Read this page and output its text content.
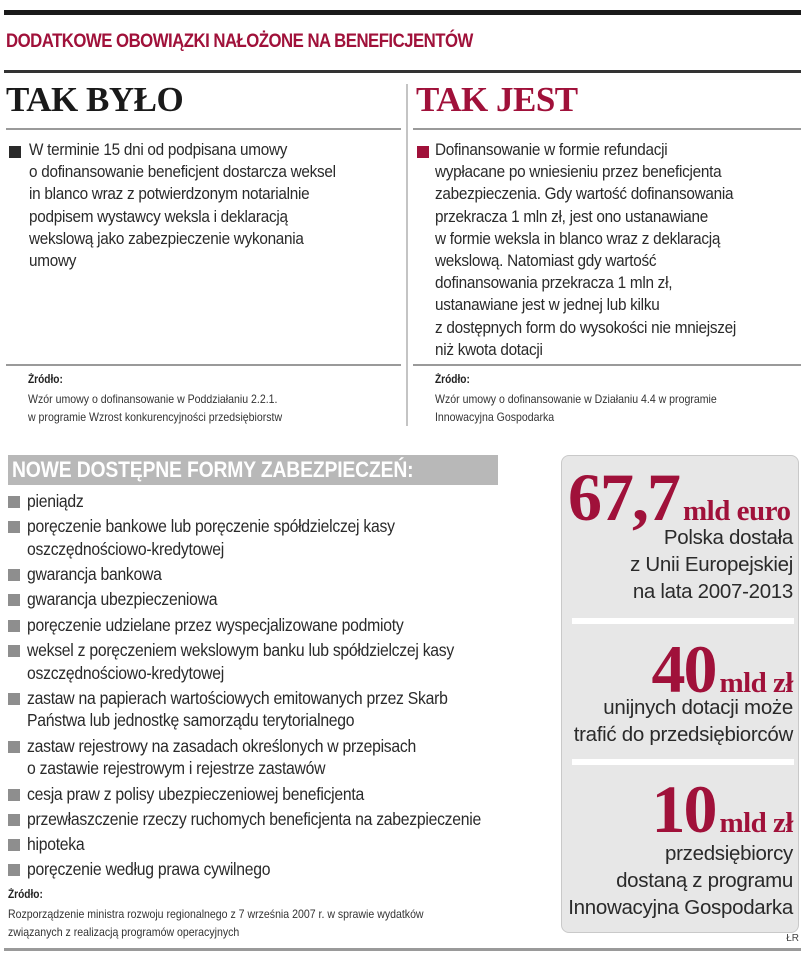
DODATKOWE OBOWIĄZKI NAŁOŻONE NA BENEFICJENTÓW
TAK BYŁO	TAK JEST
W terminie 15 dni od podpisana umowy
o dofinansowanie beneficjent dostarcza weksel
in blanco wraz z potwierdzonym notarialnie
podpisem wystawcy weksla i deklaracją
wekslową jako zabezpieczenie wykonania
umowy
Dofinansowanie w formie refundacji
wypłacane po wniesieniu przez beneficjenta
zabezpieczenia. Gdy wartość dofinansowania
przekracza 1 mln zł, jest ono ustanawiane
w formie weksla in blanco wraz z deklaracją
wekslową. Natomiast gdy wartość
dofinansowania przekracza 1 mln zł,
ustanawiane jest w jednej lub kilku
z dostępnych form do wysokości nie mniejszej
niż kwota dotacji
Źródło:
Wzór umowy o dofinansowanie w Poddziałaniu 2.2.1.
w programie Wzrost konkurencyjności przedsiębiorstw
Źródło:
Wzór umowy o dofinansowanie w Działaniu 4.4 w programie
Innowacyjna Gospodarka
NOWE DOSTĘPNE FORMY ZABEZPIECZEŃ:
pieniądz
poręczenie bankowe lub poręczenie spółdzielczej kasy
oszczędnościowo-kredytowej
gwarancja bankowa
gwarancja ubezpieczeniowa
poręczenie udzielane przez wyspecjalizowane podmioty
weksel z poręczeniem wekslowym banku lub spółdzielczej kasy
oszczędnościowo-kredytowej
zastaw na papierach wartościowych emitowanych przez Skarb
Państwa lub jednostkę samorządu terytorialnego
zastaw rejestrowy na zasadach określonych w przepisach
o zastawie rejestrowym i rejestrze zastawów
cesja praw z polisy ubezpieczeniowej beneficjenta
przewłaszczenie rzeczy ruchomych beneficjenta na zabezpieczenie
hipoteka
poręczenie według prawa cywilnego
Źródło:
Rozporządzenie ministra rozwoju regionalnego z 7 września 2007 r. w sprawie wydatków
związanych z realizacją programów operacyjnych
67,7 mld euro
Polska dostała
z Unii Europejskiej
na lata 2007-2013
40 mld zł
unijnych dotacji może
trafić do przedsiębiorców
10 mld zł
przedsiębiorcy
dostaną z programu
Innowacyjna Gospodarka
ŁR
